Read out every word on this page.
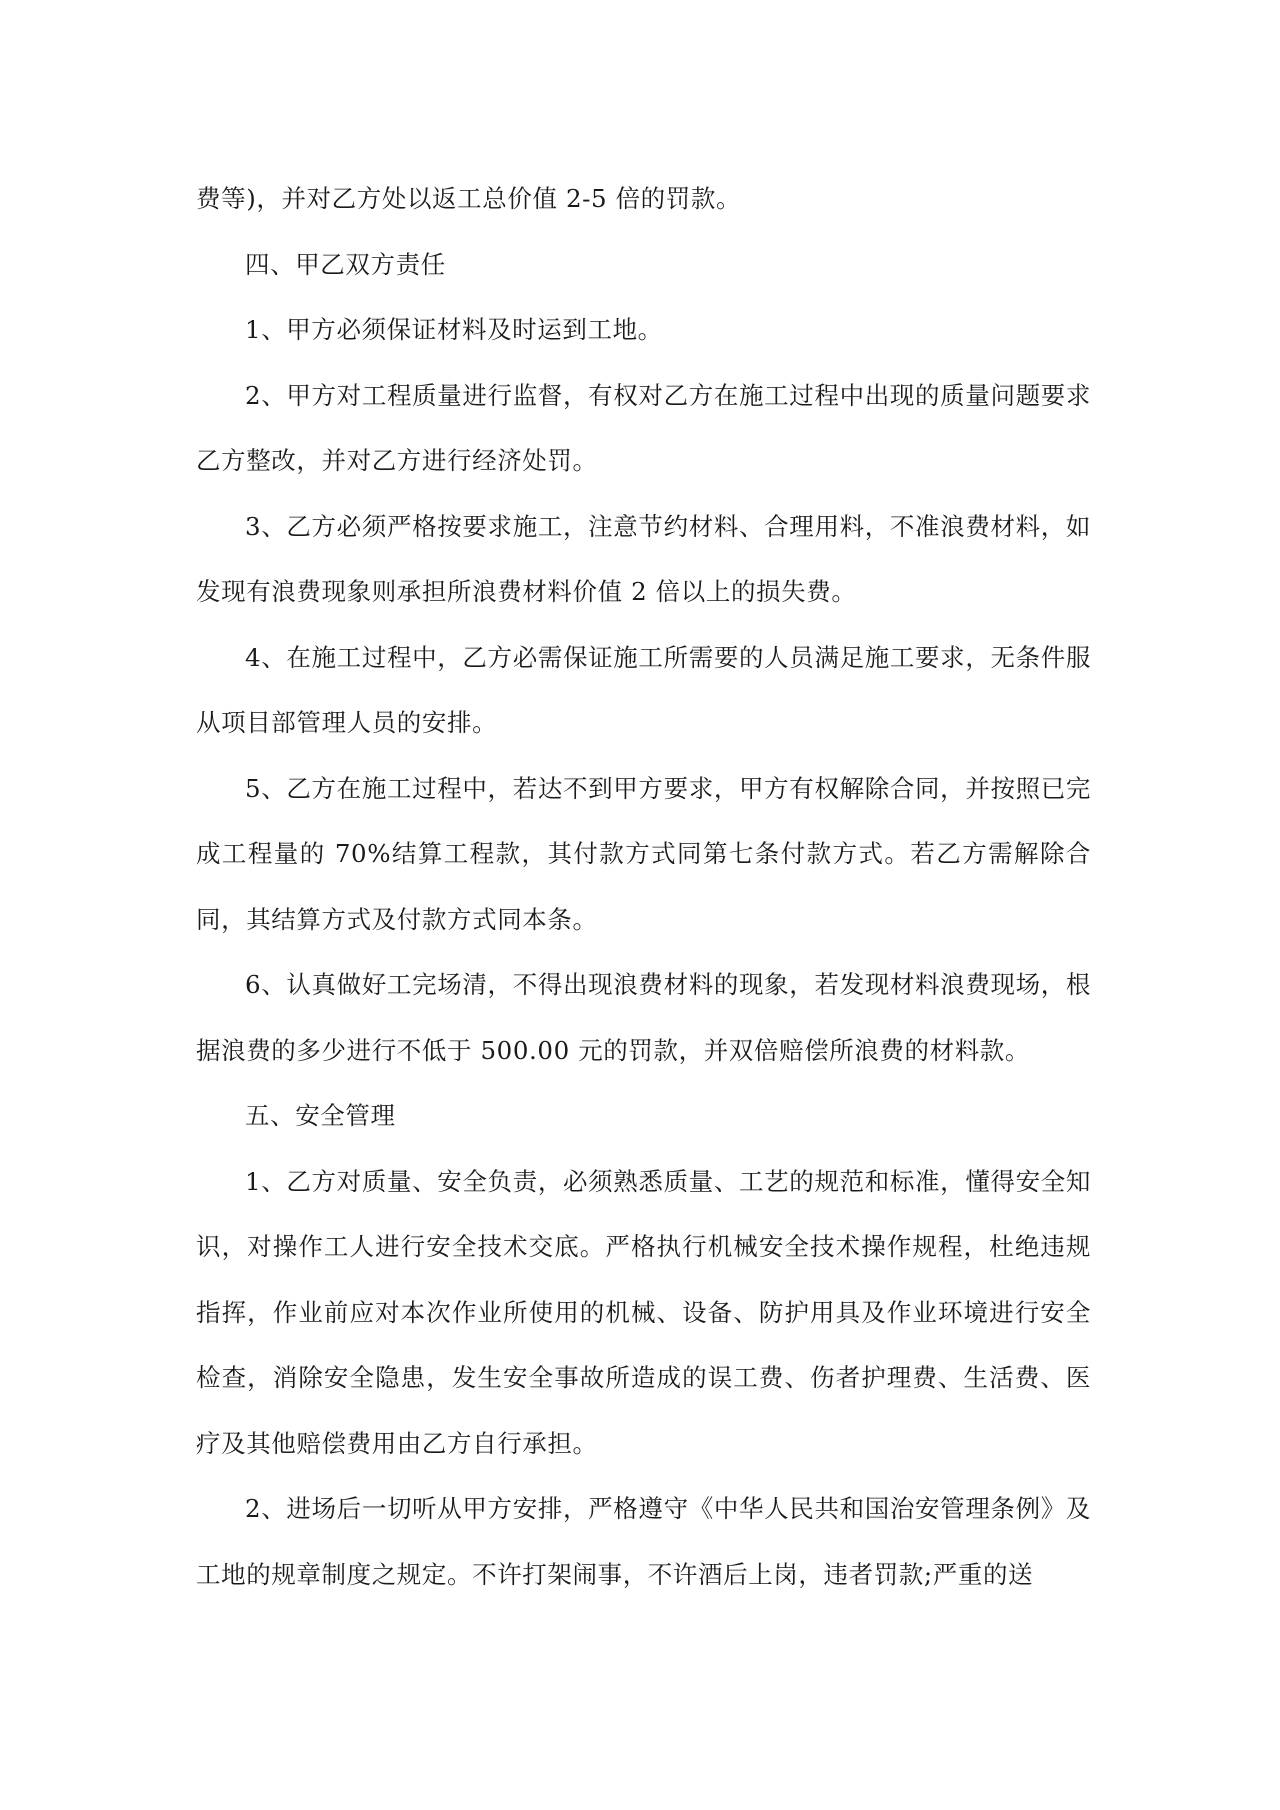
费等)，并对乙方处以返工总价值 2-5 倍的罚款。

四、甲乙双方责任

1、甲方必须保证材料及时运到工地。

2、甲方对工程质量进行监督，有权对乙方在施工过程中出现的质量问题要求乙方整改，并对乙方进行经济处罚。

3、乙方必须严格按要求施工，注意节约材料、合理用料，不准浪费材料，如发现有浪费现象则承担所浪费材料价值 2 倍以上的损失费。

4、在施工过程中，乙方必需保证施工所需要的人员满足施工要求，无条件服从项目部管理人员的安排。

5、乙方在施工过程中，若达不到甲方要求，甲方有权解除合同，并按照已完成工程量的 70%结算工程款，其付款方式同第七条付款方式。若乙方需解除合同，其结算方式及付款方式同本条。

6、认真做好工完场清，不得出现浪费材料的现象，若发现材料浪费现场，根据浪费的多少进行不低于 500.00 元的罚款，并双倍赔偿所浪费的材料款。

五、安全管理

1、乙方对质量、安全负责，必须熟悉质量、工艺的规范和标准，懂得安全知识，对操作工人进行安全技术交底。严格执行机械安全技术操作规程，杜绝违规指挥，作业前应对本次作业所使用的机械、设备、防护用具及作业环境进行安全检查，消除安全隐患，发生安全事故所造成的误工费、伤者护理费、生活费、医疗及其他赔偿费用由乙方自行承担。

2、进场后一切听从甲方安排，严格遵守《中华人民共和国治安管理条例》及工地的规章制度之规定。不许打架闹事，不许酒后上岗，违者罚款;严重的送
